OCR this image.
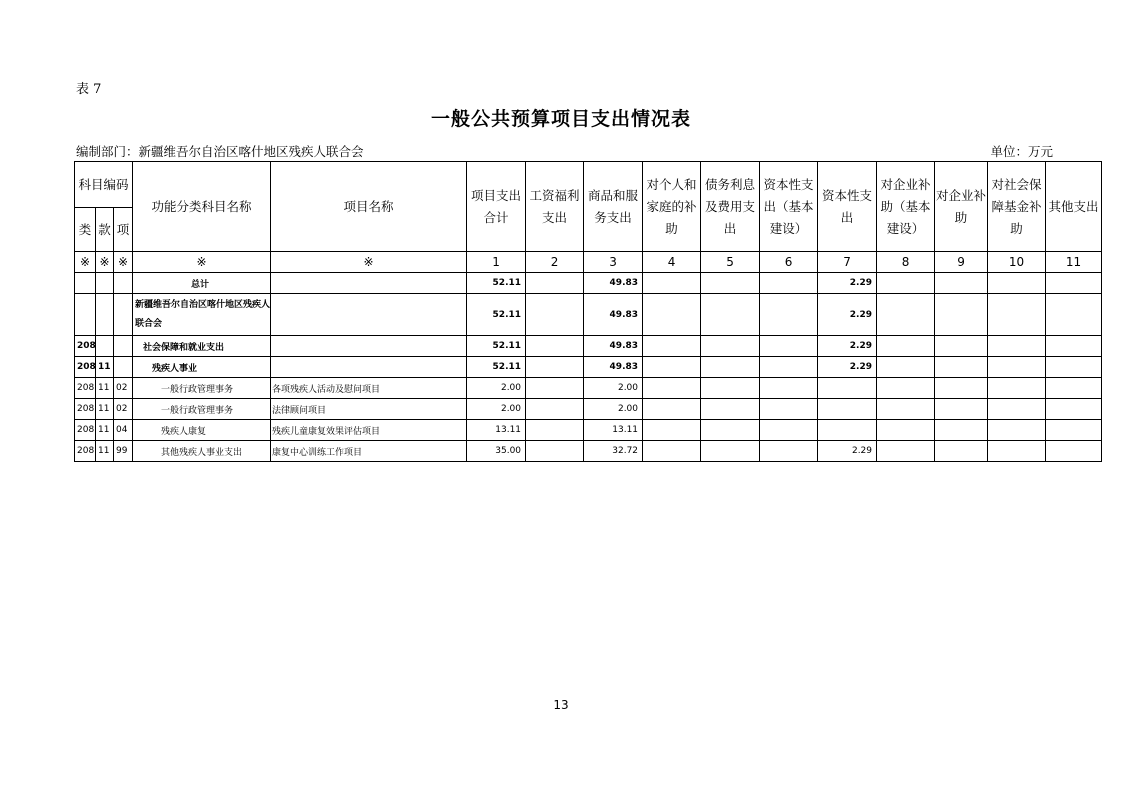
表 7
一般公共预算项目支出情况表
编制部门：新疆维吾尔自治区喀什地区残疾人联合会	单位：万元
科目编码			功能分类科目名称	项目名称	项目支出合计	工资福利支出	商品和服务支出	对个人和家庭的补助	债务利息及费用支出	资本性支出（基本建设）	资本性支出	对企业补助（基本建设）	对企业补助	对社会保障基金补助	其他支出
类	款	项													
※	※	※	※	※	1	2	3	4	5	6	7	8	9	10	11
			总计		52.11		49.83				2.29				
			新疆维吾尔自治区喀什地区残疾人联合会		52.11		49.83				2.29				
208			社会保障和就业支出		52.11		49.83				2.29				
208	11		残疾人事业		52.11		49.83				2.29				
208	11	02	一般行政管理事务	各项残疾人活动及慰问项目	2.00		2.00								
208	11	02	一般行政管理事务	法律顾问项目	2.00		2.00								
208	11	04	残疾人康复	残疾儿童康复效果评估项目	13.11		13.11								
208	11	99	其他残疾人事业支出	康复中心训练工作项目	35.00		32.72				2.29				
13
